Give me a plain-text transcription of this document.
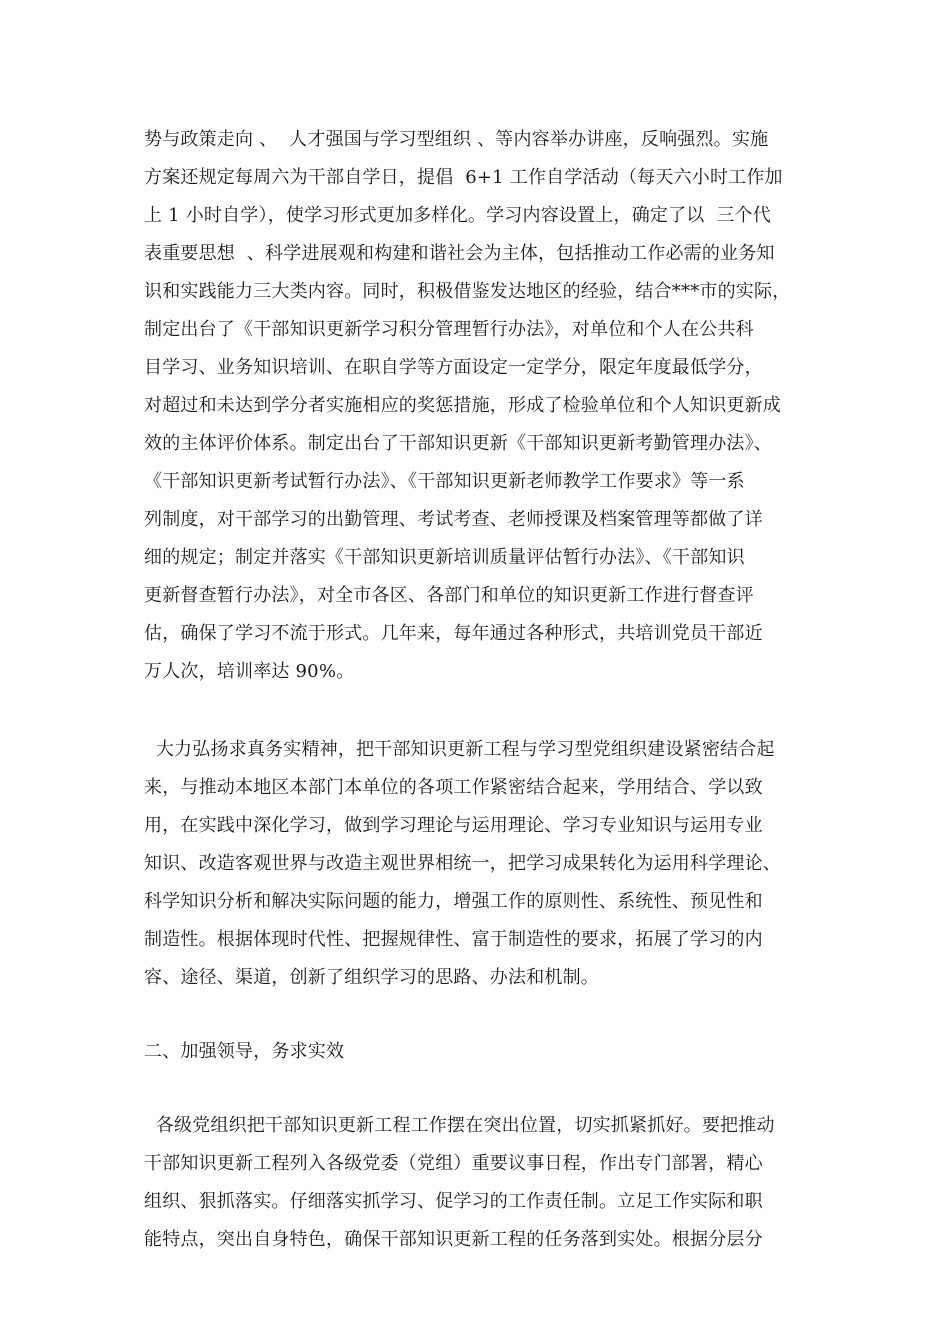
势与政策走向 、  人才强国与学习型组织 、等内容举办讲座，反响强烈。实施
方案还规定每周六为干部自学日，提倡  6+1 工作自学活动（每天六小时工作加
上 1 小时自学），使学习形式更加多样化。学习内容设置上，确定了以  三个代
表重要思想  、科学进展观和构建和谐社会为主体，包括推动工作必需的业务知
识和实践能力三大类内容。同时，积极借鉴发达地区的经验，结合***市的实际，
制定出台了《干部知识更新学习积分管理暂行办法》，对单位和个人在公共科
目学习、业务知识培训、在职自学等方面设定一定学分，限定年度最低学分，
对超过和未达到学分者实施相应的奖惩措施，形成了检验单位和个人知识更新成
效的主体评价体系。制定出台了干部知识更新《干部知识更新考勤管理办法》、
《干部知识更新考试暂行办法》、《干部知识更新老师教学工作要求》等一系
列制度，对干部学习的出勤管理、考试考查、老师授课及档案管理等都做了详
细的规定；制定并落实《干部知识更新培训质量评估暂行办法》、《干部知识
更新督查暂行办法》，对全市各区、各部门和单位的知识更新工作进行督查评
估，确保了学习不流于形式。几年来，每年通过各种形式，共培训党员干部近
万人次，培训率达 90%。
大力弘扬求真务实精神，把干部知识更新工程与学习型党组织建设紧密结合起
来，与推动本地区本部门本单位的各项工作紧密结合起来，学用结合、学以致
用，在实践中深化学习，做到学习理论与运用理论、学习专业知识与运用专业
知识、改造客观世界与改造主观世界相统一，把学习成果转化为运用科学理论、
科学知识分析和解决实际问题的能力，增强工作的原则性、系统性、预见性和
制造性。根据体现时代性、把握规律性、富于制造性的要求，拓展了学习的内
容、途径、渠道，创新了组织学习的思路、办法和机制。
二、加强领导，务求实效
各级党组织把干部知识更新工程工作摆在突出位置，切实抓紧抓好。要把推动
干部知识更新工程列入各级党委（党组）重要议事日程，作出专门部署，精心
组织、狠抓落实。仔细落实抓学习、促学习的工作责任制。立足工作实际和职
能特点，突出自身特色，确保干部知识更新工程的任务落到实处。根据分层分
